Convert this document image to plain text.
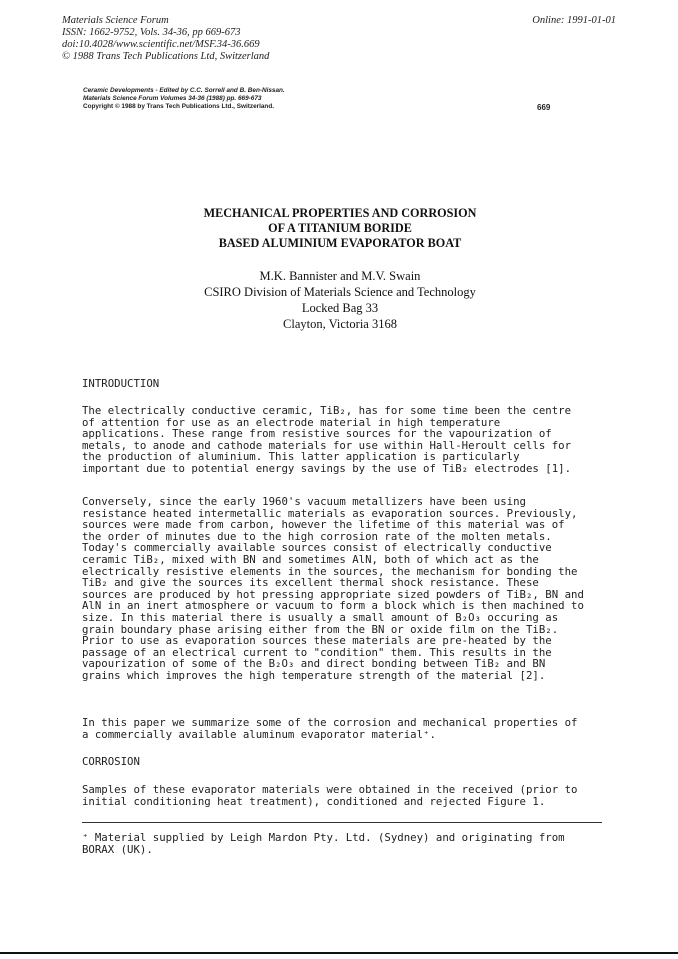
Materials Science Forum
ISSN: 1662-9752, Vols. 34-36, pp 669-673
doi:10.4028/www.scientific.net/MSF.34-36.669
© 1988 Trans Tech Publications Ltd, Switzerland
Online: 1991-01-01
Ceramic Developments - Edited by C.C. Sorrell and B. Ben-Nissan.
Materials Science Forum Volumes 34-36 (1988) pp. 669-673
Copyright © 1988 by Trans Tech Publications Ltd., Switzerland.	669
MECHANICAL PROPERTIES AND CORROSION
OF A TITANIUM BORIDE
BASED ALUMINIUM EVAPORATOR BOAT
M.K. Bannister and M.V. Swain
CSIRO Division of Materials Science and Technology
Locked Bag 33
Clayton, Victoria 3168
INTRODUCTION
The electrically conductive ceramic, TiB₂, has for some time been the centre
of attention for use as an electrode material in high temperature
applications. These range from resistive sources for the vapourization of
metals, to anode and cathode materials for use within Hall-Heroult cells for
the production of aluminium. This latter application is particularly
important due to potential energy savings by the use of TiB₂ electrodes [1].
Conversely, since the early 1960's vacuum metallizers have been using
resistance heated intermetallic materials as evaporation sources. Previously,
sources were made from carbon, however the lifetime of this material was of
the order of minutes due to the high corrosion rate of the molten metals.
Today's commercially available sources consist of electrically conductive
ceramic TiB₂, mixed with BN and sometimes AlN, both of which act as the
electrically resistive elements in the sources, the mechanism for bonding the
TiB₂ and give the sources its excellent thermal shock resistance. These
sources are produced by hot pressing appropriate sized powders of TiB₂, BN and
AlN in an inert atmosphere or vacuum to form a block which is then machined to
size. In this material there is usually a small amount of B₂O₃ occuring as
grain boundary phase arising either from the BN or oxide film on the TiB₂.
Prior to use as evaporation sources these materials are pre-heated by the
passage of an electrical current to "condition" them. This results in the
vapourization of some of the B₂O₃ and direct bonding between TiB₂ and BN
grains which improves the high temperature strength of the material [2].
In this paper we summarize some of the corrosion and mechanical properties of
a commercially available aluminum evaporator material⁺.
CORROSION
Samples of these evaporator materials were obtained in the received (prior to
initial conditioning heat treatment), conditioned and rejected Figure 1.
⁺ Material supplied by Leigh Mardon Pty. Ltd. (Sydney) and originating from
BORAX (UK).
